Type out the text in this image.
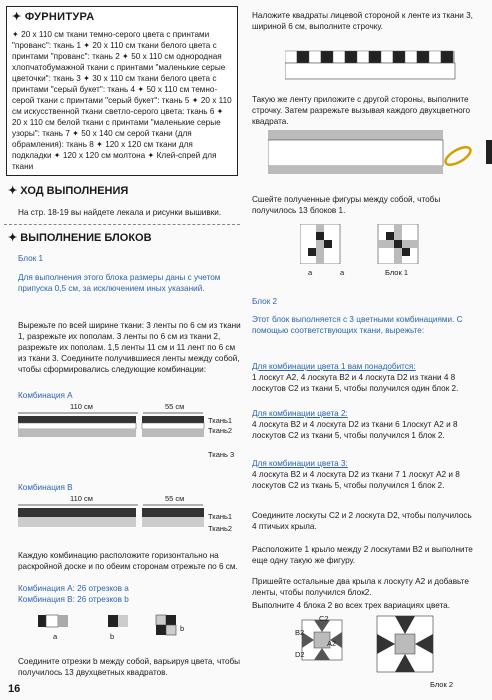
✦ ФУРНИТУРА
✦ 20 х 110 см ткани темно-серого цвета с принтами "прованс": ткань 1 ✦ 20 х 110 см ткани белого цвета с принтами "прованс": ткань 2 ✦ 50 х 110 см однородная хлопчатобумажной ткани с принтами "маленькие серые цветочки": ткань 3 ✦ 30 х 110 см ткани белого цвета с принтами "серый букет": ткань 4 ✦ 50 х 110 см темно-серой ткани с принтами "серый букет": ткань 5 ✦ 20 х 110 см искусственной ткани светло-серого цвета: ткань 6 ✦ 20 х 110 см белой ткани с принтами "маленькие серые узоры": ткань 7 ✦ 50 х 140 см серой ткани (для обрамления): ткань 8 ✦ 120 х 120 см ткани для подкладки ✦ 120 х 120 см молтона ✦ Клей-спрей для ткани
✦ ХОД ВЫПОЛНЕНИЯ
На стр. 18-19 вы найдете лекала и рисунки вышивки.
✦ ВЫПОЛНЕНИЕ БЛОКОВ
Блок 1
Для выполнения этого блока размеры даны с учетом припуска 0,5 см, за исключением иных указаний.
Вырежьте по всей ширине ткани: 3 ленты по 6 см из ткани 1, разрежьте их пополам. 3 ленты по 6 см из ткани 2, разрежьте их пополам. 1,5 ленты 11 см и 11 лент по 6 см из ткани 3. Соедините получившиеся ленты между собой, чтобы сформировались следующие комбинации:
Комбинация А
110 см	55 см
Ткань1
Ткань2
Ткань 3
Комбинация В
110 см	55 см
Ткань1
Ткань2
Каждую комбинацию расположите горизонтально на раскройной доске и по обеим сторонам отрежьте по 6 см.
Комбинация А: 26 отрезков a
Комбинация В: 26 отрезков b
a	b
b
Соедините отрезки b между собой, варьируя цвета, чтобы получилось 13 двухцветных квадратов.
16
Наложите квадраты лицевой стороной к ленте из ткани 3, шириной 6 см, выполните строчку.
Такую же ленту приложите с другой стороны, выполните строчку. Затем разрежьте вызывая каждого двухцветного квадрата.
Сшейте полученные фигуры между собой, чтобы получилось 13 блоков 1.
a	a	Блок 1
Блок 2
Этот блок выполняется с 3 цветными комбинациями. С помощью соответствующих ткани, вырежьте:
Для комбинации цвета 1 вам понадобится:
1 лоскут А2, 4 лоскута В2 и 4 лоскута D2 из ткани 4 8 лоскутов C2 из ткани 5, чтобы получился один блок 2.
Для комбинации цвета 2:
4 лоскута В2 и 4 лоскута D2 из ткани 6 1лоскут А2 и 8 лоскутов С2 из ткани 5, чтобы получился 1 блок 2.
Для комбинации цвета 3:
4 лоскута В2 и 4 лоскута D2 из ткани 7 1 лоскут А2 и 8 лоскутов С2 из ткань 5, чтобы получился 1 блок 2.
Соедините лоскуты С2 и 2 лоскута D2, чтобы получилось 4 птичьих крыла.
Расположите 1 крыло между 2 лоскутами В2 и выполните еще одну такую же фигуру.
Пришейте остальные два крыла к лоскуту А2 и добавьте ленты, чтобы получился блок2.
Выполните 4 блока 2 во всех трех вариациях цвета.
A2
C2
B2
D2
Блок 2
